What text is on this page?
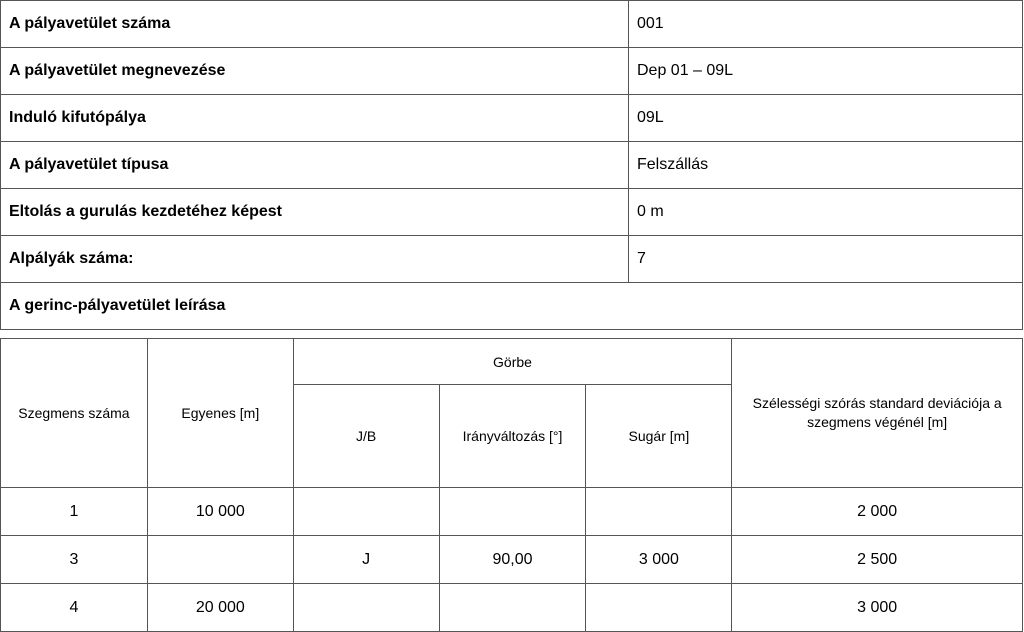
A pályavetület száma	001
A pályavetület megnevezése	Dep 01 – 09L
Induló kifutópálya	09L
A pályavetület típusa	Felszállás
Eltolás a gurulás kezdetéhez képest	0 m
Alpályák száma:	7
A gerinc-pályavetület leírása	
Szegmens száma	Egyenes [m]	Görbe			Szélességi szórás standard deviációja a szegmens végénél [m]
		J/B	Irányváltozás [°]	Sugár [m]	
1	10 000				2 000
3		J	90,00	3 000	2 500
4	20 000				3 000
